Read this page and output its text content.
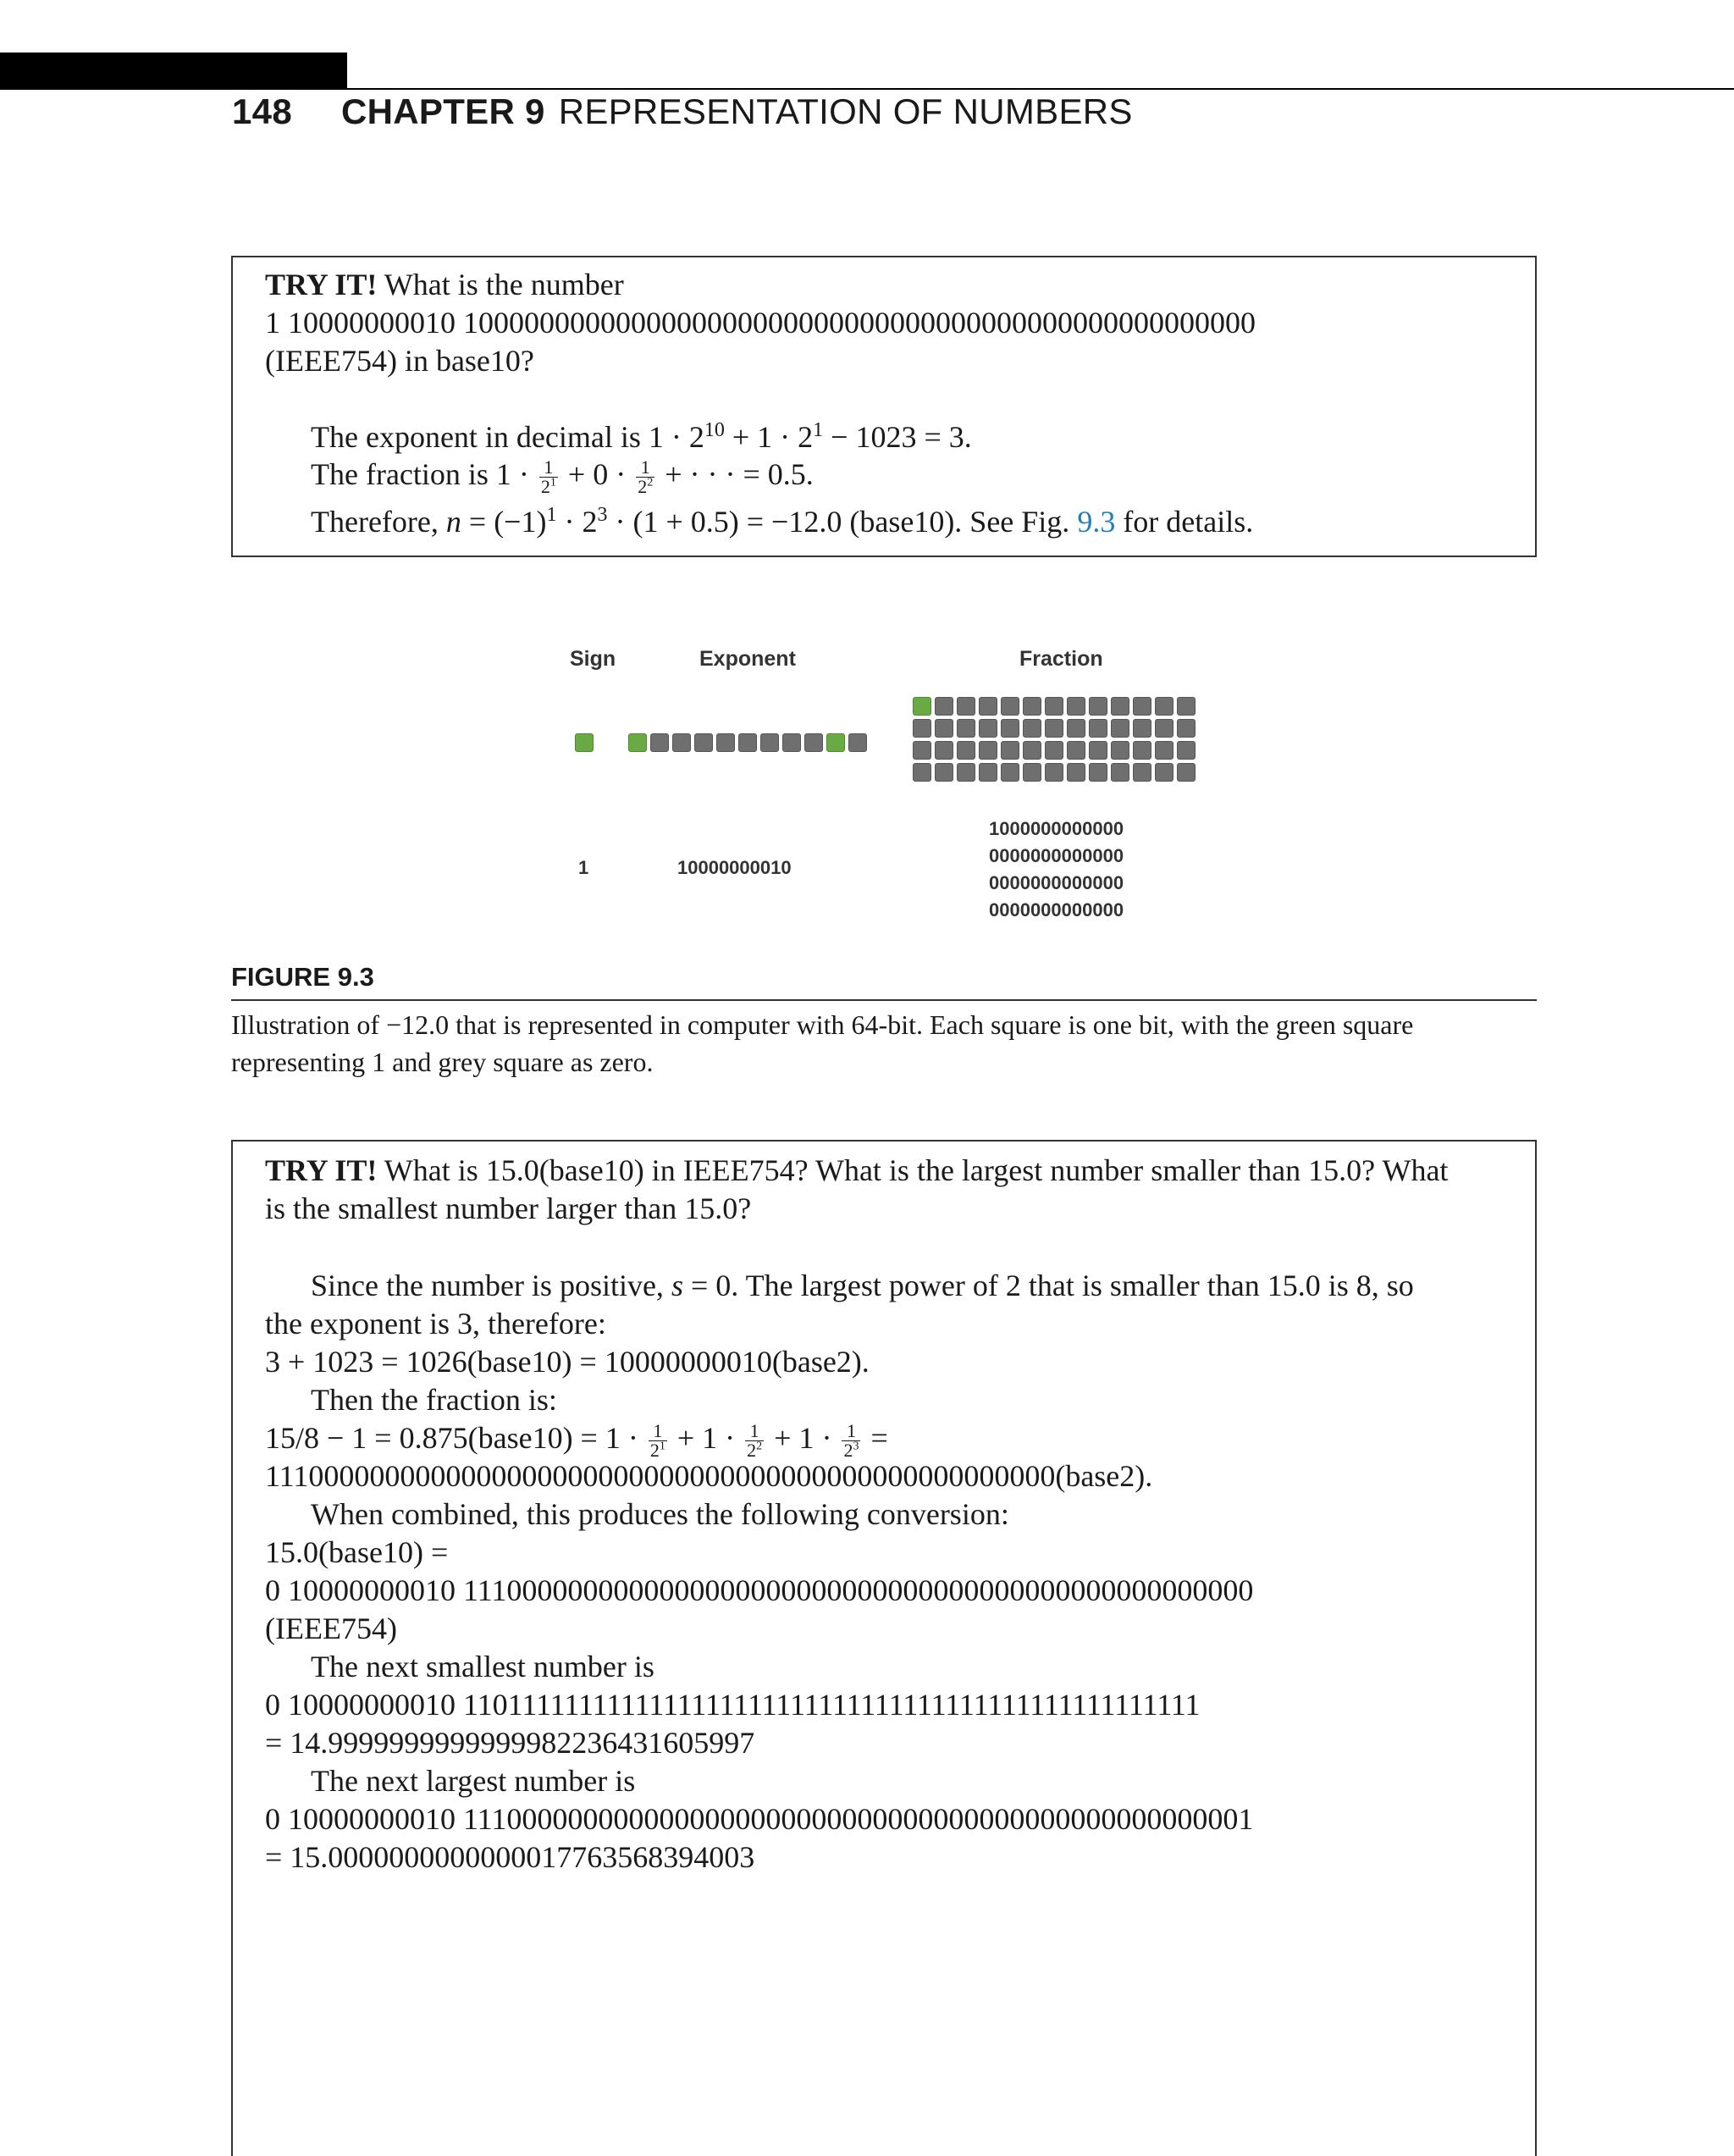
148 CHAPTER 9 REPRESENTATION OF NUMBERS
TRY IT! What is the number
1 10000000010 1000000000000000000000000000000000000000000000000000
(IEEE754) in base10?
The exponent in decimal is $1 \cdot 2^{10} + 1 \cdot 2^1 - 1023 = 3$.
The fraction is $1 \cdot \frac{1}{2^1} + 0 \cdot \frac{1}{2^2}$ + · · · = 0.5.
Therefore, $n = (-1)^1 \cdot 2^3 \cdot (1 + 0.5) = -12.0$ (base10). See Fig. 9.3 for details.
Sign	Exponent	Fraction
1	10000000010
1000000000000
0000000000000
0000000000000
0000000000000
FIGURE 9.3
Illustration of −12.0 that is represented in computer with 64-bit. Each square is one bit, with the green square
representing 1 and grey square as zero.
TRY IT! What is 15.0(base10) in IEEE754? What is the largest number smaller than 15.0? What
is the smallest number larger than 15.0?
Since the number is positive, s = 0. The largest power of 2 that is smaller than 15.0 is 8, so
the exponent is 3, therefore:
3 + 1023 = 1026(base10) = 10000000010(base2).
Then the fraction is:
15/8 − 1 = 0.875(base10) = $1 \cdot \frac{1}{2^1} + 1 \cdot \frac{1}{2^2} + 1 \cdot \frac{1}{2^3}$ =
1110000000000000000000000000000000000000000000000000(base2).
When combined, this produces the following conversion:
15.0(base10) =
0 10000000010 1110000000000000000000000000000000000000000000000000
(IEEE754)
The next smallest number is
0 10000000010 1101111111111111111111111111111111111111111111111111
= 14.9999999999999982236431605997
The next largest number is
0 10000000010 1110000000000000000000000000000000000000000000000001
= 15.0000000000000017763568394003
